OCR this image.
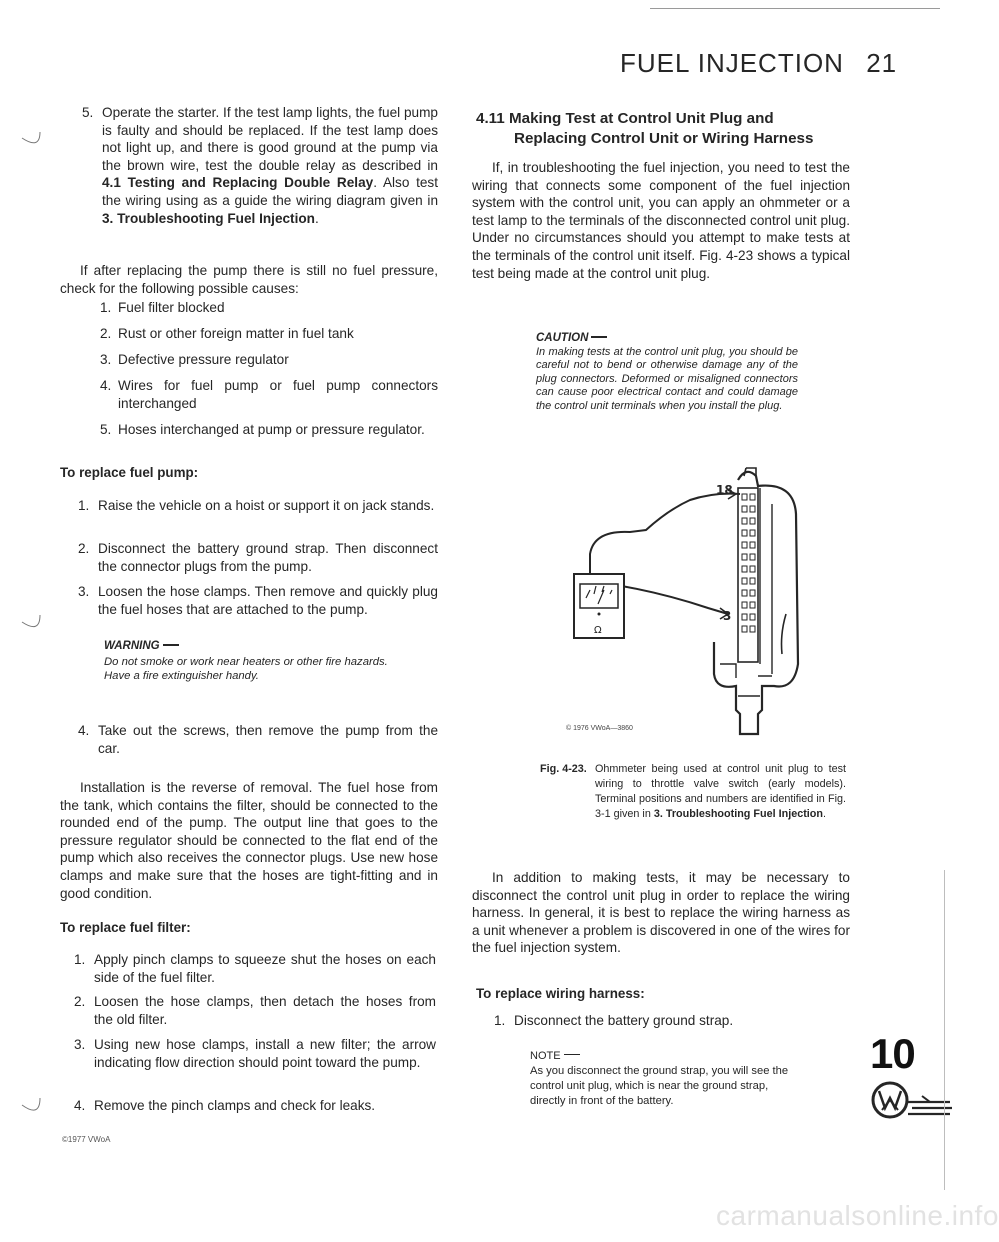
FUEL INJECTION 21
5. Operate the starter. If the test lamp lights, the fuel pump is faulty and should be replaced. If the test lamp does not light up, and there is good ground at the pump via the brown wire, test the double relay as described in 4.1 Testing and Replacing Double Relay. Also test the wiring using as a guide the wiring diagram given in 3. Troubleshooting Fuel Injection.

If after replacing the pump there is still no fuel pressure, check for the following possible causes:

1. Fuel filter blocked
2. Rust or other foreign matter in fuel tank
3. Defective pressure regulator
4. Wires for fuel pump or fuel pump connectors interchanged
5. Hoses interchanged at pump or pressure regulator.
To replace fuel pump:
1. Raise the vehicle on a hoist or support it on jack stands.
2. Disconnect the battery ground strap. Then disconnect the connector plugs from the pump.
3. Loosen the hose clamps. Then remove and quickly plug the fuel hoses that are attached to the pump.
WARNING
Do not smoke or work near heaters or other fire hazards. Have a fire extinguisher handy.
4. Take out the screws, then remove the pump from the car.

Installation is the reverse of removal. The fuel hose from the tank, which contains the filter, should be connected to the rounded end of the pump. The output line that goes to the pressure regulator should be connected to the flat end of the pump which also receives the connector plugs. Use new hose clamps and make sure that the hoses are tight-fitting and in good condition.

To replace fuel filter:
1. Apply pinch clamps to squeeze shut the hoses on each side of the fuel filter.
2. Loosen the hose clamps, then detach the hoses from the old filter.
3. Using new hose clamps, install a new filter; the arrow indicating flow direction should point toward the pump.
4. Remove the pinch clamps and check for leaks.
©1977 VWoA
4.11 Making Test at Control Unit Plug and
Replacing Control Unit or Wiring Harness

If, in troubleshooting the fuel injection, you need to test the wiring that connects some component of the fuel injection system with the control unit, you can apply an ohmmeter or a test lamp to the terminals of the disconnected control unit plug. Under no circumstances should you attempt to make tests at the terminals of the control unit itself. Fig. 4-23 shows a typical test being made at the control unit plug.

CAUTION
In making tests at the control unit plug, you should be careful not to bend or otherwise damage any of the plug connectors. Deformed or misaligned connectors can cause poor electrical contact and could damage the control unit terminals when you install the plug.
Ω
18
3
© 1976 VWoA—3860
Fig. 4-23. Ohmmeter being used at control unit plug to test wiring to throttle valve switch (early models). Terminal positions and numbers are identified in Fig. 3-1 given in 3. Troubleshooting Fuel Injection.

In addition to making tests, it may be necessary to disconnect the control unit plug in order to replace the wiring harness. In general, it is best to replace the wiring harness as a unit whenever a problem is discovered in one of the wires for the fuel injection system.

To replace wiring harness:
1. Disconnect the battery ground strap.
NOTE
As you disconnect the ground strap, you will see the control unit plug, which is near the ground strap, directly in front of the battery.
10
carmanualsonline.info
